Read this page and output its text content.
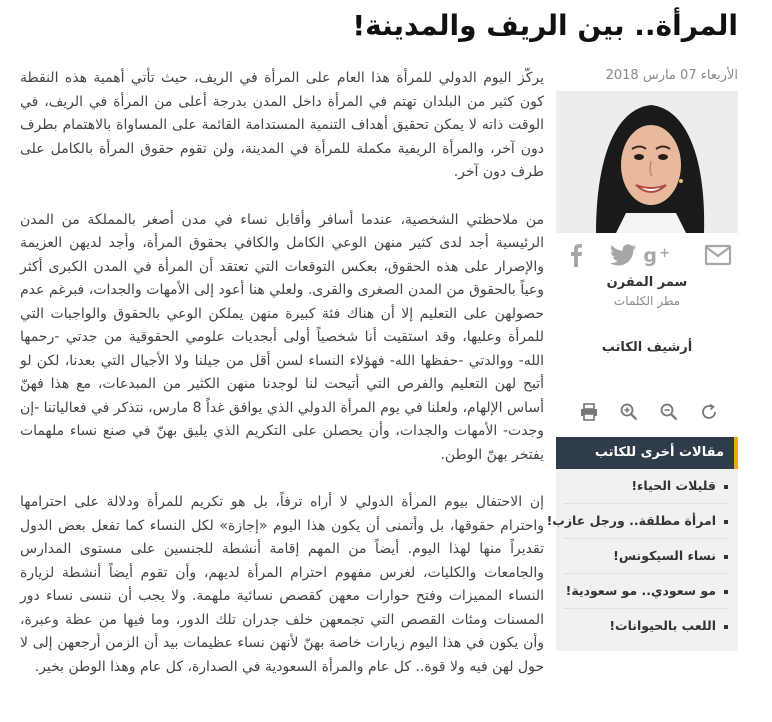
المرأة.. بين الريف والمدينة!

يركّز اليوم الدولي للمرأة هذا العام على المرأة في الريف، حيث تأتي أهمية هذه النقطة كون كثير من البلدان تهتم في المرأة داخل المدن بدرجة أعلى من المرأة في الريف، في الوقت ذاته لا يمكن تحقيق أهداف التنمية المستدامة القائمة على المساواة بالاهتمام بطرف دون آخر، والمرأة الريفية مكملة للمرأة في المدينة، ولن تقوم حقوق المرأة بالكامل على طرف دون آخر.

من ملاحظتي الشخصية، عندما أسافر وأقابل نساء في مدن أصغر بالمملكة من المدن الرئيسية أجد لدى كثير منهن الوعي الكامل والكافي بحقوق المرأة، وأجد لديهن العزيمة والإصرار على هذه الحقوق، بعكس التوقعات التي تعتقد أن المرأة في المدن الكبرى أكثر وعياً بالحقوق من المدن الصغرى والقرى. ولعلي هنا أعود إلى الأمهات والجدات، فبرغم عدم حصولهن على التعليم إلا أن هناك فئة كبيرة منهن يملكن الوعي بالحقوق والواجبات التي للمرأة وعليها، وقد استقيت أنا شخصياً أولى أبجديات علومي الحقوقية من جدتي -رحمها الله- ووالدتي -حفظها الله- فهؤلاء النساء لسن أقل من جيلنا ولا الأجيال التي بعدنا، لكن لو أتيح لهن التعليم والفرص التي أتيحت لنا لوجدنا منهن الكثير من المبدعات، مع هذا فهنّ أساس الإلهام، ولعلنا في يوم المرأة الدولي الذي يوافق غداً 8 مارس، نتذكر في فعالياتنا -إن وجدت- الأمهات والجدات، وأن يحصلن على التكريم الذي يليق بهنّ في صنع نساء ملهمات يفتخر بهنّ الوطن.

إن الاحتفال بيوم المرأة الدولي لا أراه ترفاً، بل هو تكريم للمرأة ودلالة على احترامها واحترام حقوقها، بل وأتمنى أن يكون هذا اليوم «إجازة» لكل النساء كما تفعل بعض الدول تقديراً منها لهذا اليوم. أيضاً من المهم إقامة أنشطة للجنسين على مستوى المدارس والجامعات والكليات، لغرس مفهوم احترام المرأة لديهم، وأن تقوم أيضاً أنشطة لزيارة النساء المميزات وفتح حوارات معهن كقصص نسائية ملهمة. ولا يجب أن ننسى نساء دور المسنات ومئات القصص التي تجمعهن خلف جدران تلك الدور، وما فيها من عظة وعبرة، وأن يكون في هذا اليوم زيارات خاصة بهنّ لأنهن نساء عظيمات بيد أن الزمن أرجعهن إلى لا حول لهن فيه ولا قوة.. كل عام والمرأة السعودية في الصدارة، كل عام وهذا الوطن بخير.

الأربعاء 07 مارس 2018
g +
سمر المقرن
مطر الكلمات
أرشيف الكاتب
مقالات أخرى للكاتب
قليلات الحياء!
امرأة مطلقة.. ورجل عازب!
نساء السيكونس!
مو سعودي.. مو سعودية!
اللعب بالحيوانات!
